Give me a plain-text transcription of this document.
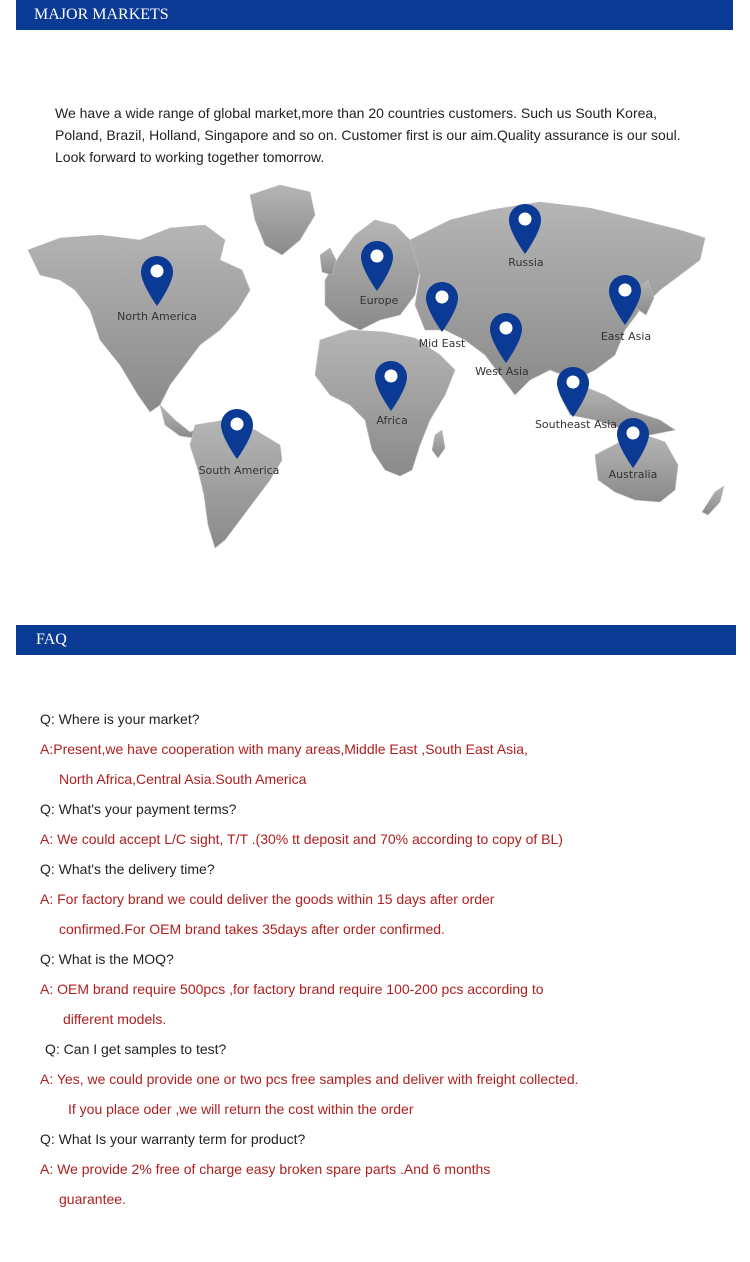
MAJOR MARKETS
We have a wide range of global market,more than 20 countries customers. Such us South Korea,
Poland, Brazil, Holland, Singapore and so on. Customer first is our aim.Quality assurance is our soul.
Look forward to working together tomorrow.
North America
Europe
Russia
Mid East
West Asia
East Asia
Africa
South America
Southeast Asia
Australia
FAQ
Q: Where is your market?
A:Present,we have cooperation with many areas,Middle East ,South East Asia,
North Africa,Central Asia.South America
Q: What's your payment terms?
A: We could accept L/C sight, T/T .(30% tt deposit and 70% according to copy of BL)
Q: What's the delivery time?
A: For factory brand we could deliver the goods within 15 days after order
confirmed.For OEM brand takes 35days after order confirmed.
Q: What is the MOQ?
A: OEM brand require 500pcs ,for factory brand require 100-200 pcs according to
different models.
Q: Can I get samples to test?
A: Yes, we could provide one or two pcs free samples and deliver with freight collected.
If you place oder ,we will return the cost within the order
Q: What Is your warranty term for product?
A: We provide 2% free of charge easy broken spare parts .And 6 months
guarantee.
